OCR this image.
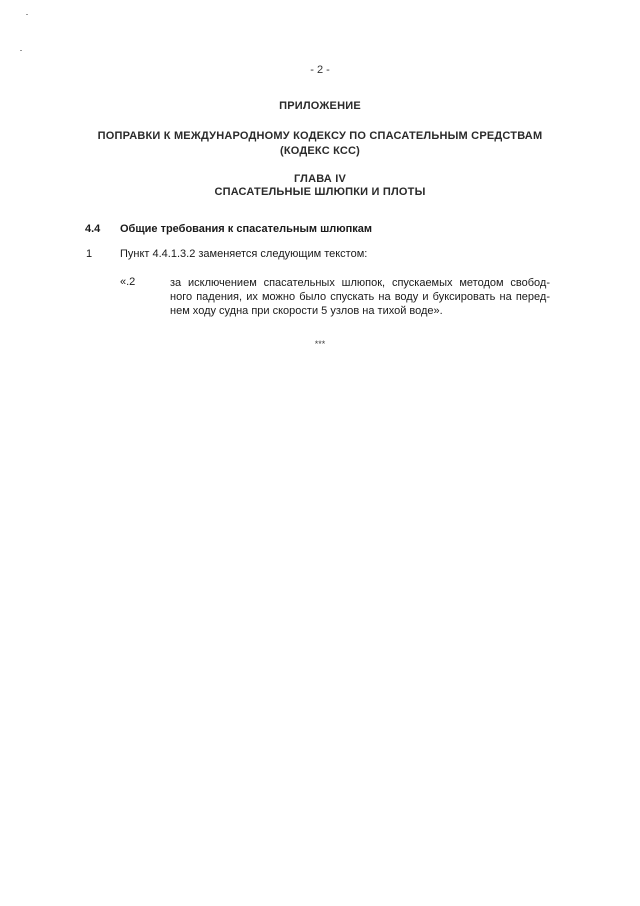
- 2 -
ПРИЛОЖЕНИЕ
ПОПРАВКИ К МЕЖДУНАРОДНОМУ КОДЕКСУ ПО СПАСАТЕЛЬНЫМ СРЕДСТВАМ
(КОДЕКС КСС)
ГЛАВА IV
СПАСАТЕЛЬНЫЕ ШЛЮПКИ И ПЛОТЫ
4.4 Общие требования к спасательным шлюпкам
1	Пункт 4.4.1.3.2 заменяется следующим текстом:
«.2	за исключением спасательных шлюпок, спускаемых методом свобод-
ного падения, их можно было спускать на воду и буксировать на перед-
нем ходу судна при скорости 5 узлов на тихой воде».
***
